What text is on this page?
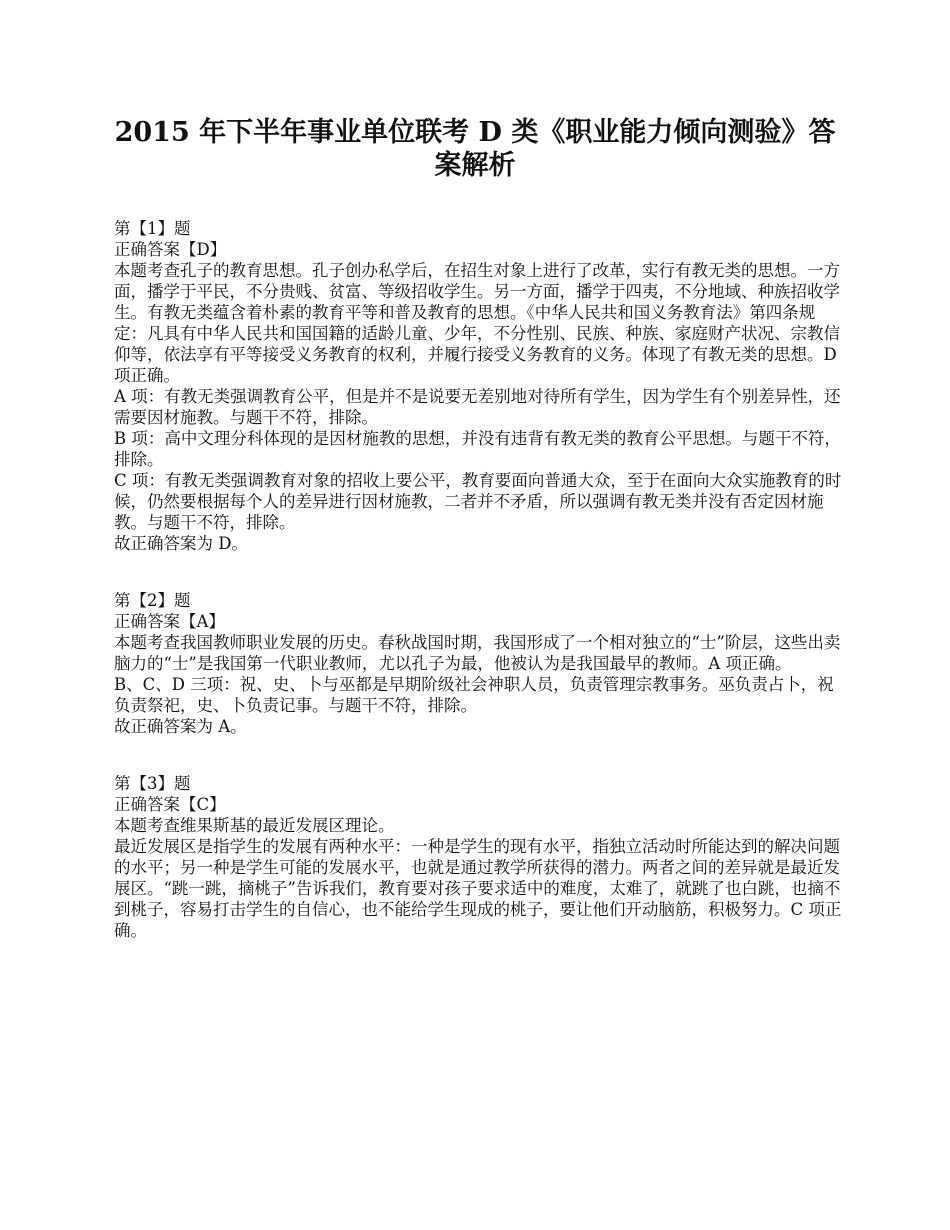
2015 年下半年事业单位联考 D 类《职业能力倾向测验》答
案解析

第【1】题

正确答案【D】

本题考查孔子的教育思想。孔子创办私学后，在招生对象上进行了改革，实行有教无类的思想。一方面，播学于平民，不分贵贱、贫富、等级招收学生。另一方面，播学于四夷，不分地域、种族招收学生。有教无类蕴含着朴素的教育平等和普及教育的思想。《中华人民共和国义务教育法》第四条规定：凡具有中华人民共和国国籍的适龄儿童、少年，不分性别、民族、种族、家庭财产状况、宗教信仰等，依法享有平等接受义务教育的权利，并履行接受义务教育的义务。体现了有教无类的思想。D 项正确。

A 项：有教无类强调教育公平，但是并不是说要无差别地对待所有学生，因为学生有个别差异性，还需要因材施教。与题干不符，排除。

B 项：高中文理分科体现的是因材施教的思想，并没有违背有教无类的教育公平思想。与题干不符，排除。

C 项：有教无类强调教育对象的招收上要公平，教育要面向普通大众，至于在面向大众实施教育的时候，仍然要根据每个人的差异进行因材施教，二者并不矛盾，所以强调有教无类并没有否定因材施教。与题干不符，排除。

故正确答案为 D。

第【2】题

正确答案【A】

本题考查我国教师职业发展的历史。春秋战国时期，我国形成了一个相对独立的“士”阶层，这些出卖脑力的“士”是我国第一代职业教师，尤以孔子为最，他被认为是我国最早的教师。A 项正确。

B、C、D 三项：祝、史、卜与巫都是早期阶级社会神职人员，负责管理宗教事务。巫负责占卜，祝负责祭祀，史、卜负责记事。与题干不符，排除。

故正确答案为 A。

第【3】题

正确答案【C】

本题考查维果斯基的最近发展区理论。

最近发展区是指学生的发展有两种水平：一种是学生的现有水平，指独立活动时所能达到的解决问题的水平；另一种是学生可能的发展水平，也就是通过教学所获得的潜力。两者之间的差异就是最近发展区。“跳一跳，摘桃子”告诉我们，教育要对孩子要求适中的难度，太难了，就跳了也白跳，也摘不到桃子，容易打击学生的自信心，也不能给学生现成的桃子，要让他们开动脑筋，积极努力。C 项正确。
